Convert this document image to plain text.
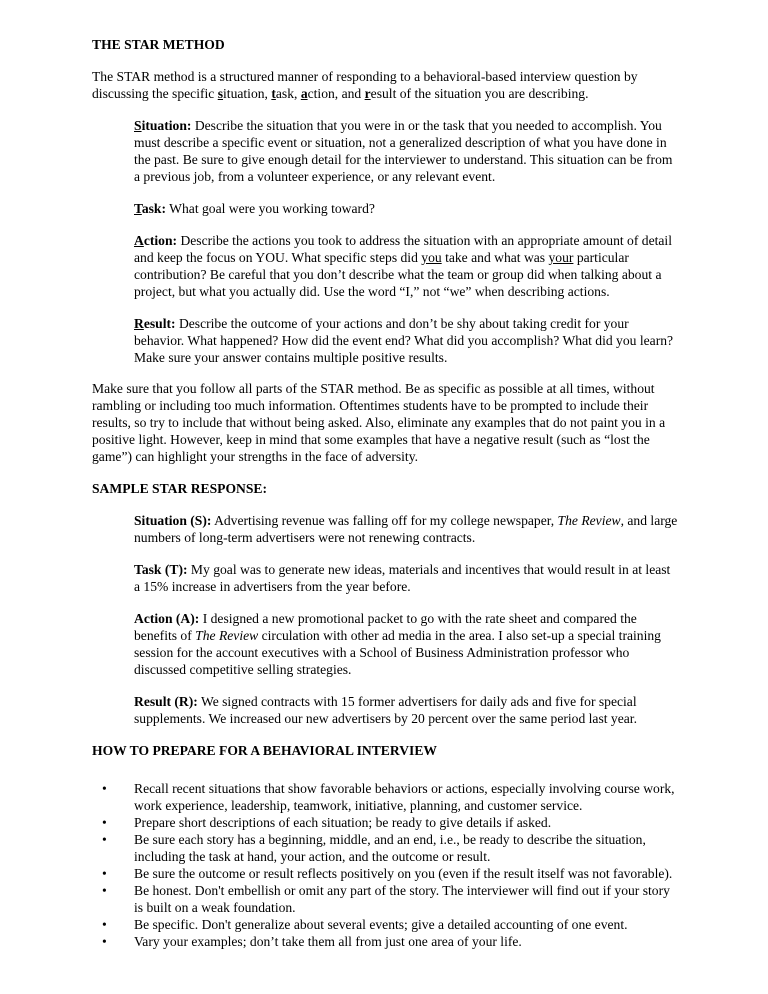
THE STAR METHOD

The STAR method is a structured manner of responding to a behavioral-based interview question by discussing the specific situation, task, action, and result of the situation you are describing.

Situation: Describe the situation that you were in or the task that you needed to accomplish. You must describe a specific event or situation, not a generalized description of what you have done in the past. Be sure to give enough detail for the interviewer to understand. This situation can be from a previous job, from a volunteer experience, or any relevant event.

Task: What goal were you working toward?

Action: Describe the actions you took to address the situation with an appropriate amount of detail and keep the focus on YOU. What specific steps did you take and what was your particular contribution? Be careful that you don’t describe what the team or group did when talking about a project, but what you actually did. Use the word “I,” not “we” when describing actions.

Result: Describe the outcome of your actions and don’t be shy about taking credit for your behavior. What happened? How did the event end? What did you accomplish? What did you learn? Make sure your answer contains multiple positive results.

Make sure that you follow all parts of the STAR method. Be as specific as possible at all times, without rambling or including too much information. Oftentimes students have to be prompted to include their results, so try to include that without being asked. Also, eliminate any examples that do not paint you in a positive light. However, keep in mind that some examples that have a negative result (such as “lost the game”) can highlight your strengths in the face of adversity.

SAMPLE STAR RESPONSE:

Situation (S): Advertising revenue was falling off for my college newspaper, The Review, and large numbers of long-term advertisers were not renewing contracts.

Task (T): My goal was to generate new ideas, materials and incentives that would result in at least a 15% increase in advertisers from the year before.

Action (A): I designed a new promotional packet to go with the rate sheet and compared the benefits of The Review circulation with other ad media in the area. I also set-up a special training session for the account executives with a School of Business Administration professor who discussed competitive selling strategies.

Result (R): We signed contracts with 15 former advertisers for daily ads and five for special supplements. We increased our new advertisers by 20 percent over the same period last year.

HOW TO PREPARE FOR A BEHAVIORAL INTERVIEW
• Recall recent situations that show favorable behaviors or actions, especially involving course work, work experience, leadership, teamwork, initiative, planning, and customer service.
• Prepare short descriptions of each situation; be ready to give details if asked.
• Be sure each story has a beginning, middle, and an end, i.e., be ready to describe the situation, including the task at hand, your action, and the outcome or result.
• Be sure the outcome or result reflects positively on you (even if the result itself was not favorable).
• Be honest. Don't embellish or omit any part of the story. The interviewer will find out if your story is built on a weak foundation.
• Be specific. Don't generalize about several events; give a detailed accounting of one event.
• Vary your examples; don’t take them all from just one area of your life.
